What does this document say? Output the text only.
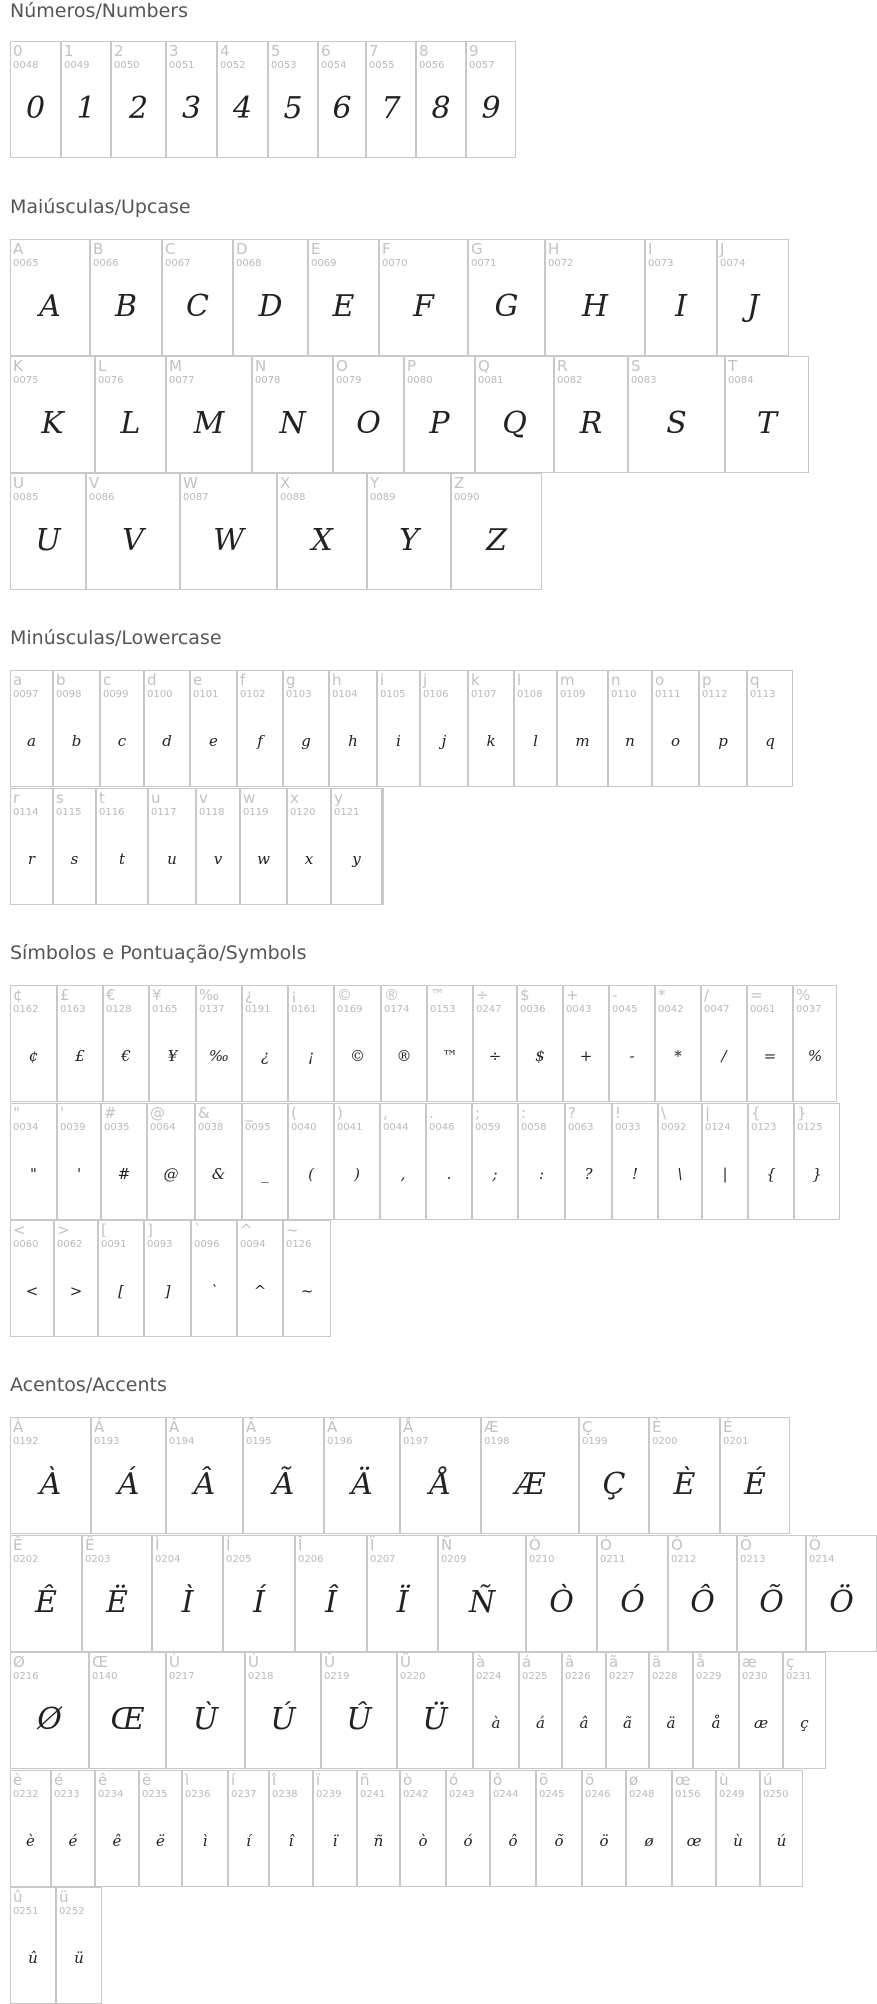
Números/Numbers
0
0048
0
1
0049
1
2
0050
2
3
0051
3
4
0052
4
5
0053
5
6
0054
6
7
0055
7
8
0056
8
9
0057
9
Maiúsculas/Upcase
A
0065
A
B
0066
B
C
0067
C
D
0068
D
E
0069
E
F
0070
F
G
0071
G
H
0072
H
I
0073
I
J
0074
J
K
0075
K
L
0076
L
M
0077
M
N
0078
N
O
0079
O
P
0080
P
Q
0081
Q
R
0082
R
S
0083
S
T
0084
T
U
0085
U
V
0086
V
W
0087
W
X
0088
X
Y
0089
Y
Z
0090
Z
Minúsculas/Lowercase
a
0097
a
b
0098
b
c
0099
c
d
0100
d
e
0101
e
f
0102
f
g
0103
g
h
0104
h
i
0105
i
j
0106
j
k
0107
k
l
0108
l
m
0109
m
n
0110
n
o
0111
o
p
0112
p
q
0113
q
r
0114
r
s
0115
s
t
0116
t
u
0117
u
v
0118
v
w
0119
w
x
0120
x
y
0121
y
Símbolos e Pontuação/Symbols
¢
0162
¢
£
0163
£
€
0128
€
¥
0165
¥
‰
0137
‰
¿
0191
¿
¡
0161
¡
©
0169
©
®
0174
®
™
0153
™
÷
0247
÷
$
0036
$
+
0043
+
-
0045
-
*
0042
*
/
0047
/
=
0061
=
%
0037
%
"
0034
"
'
0039
'
#
0035
#
@
0064
@
&
0038
&
_
0095
_
(
0040
(
)
0041
)
,
0044
,
.
0046
.
;
0059
;
:
0058
:
?
0063
?
!
0033
!
\
0092
\
|
0124
|
{
0123
{
}
0125
}
<
0060
<
>
0062
>
[
0091
[
]
0093
]
`
0096
`
^
0094
^
~
0126
~
Acentos/Accents
À
0192
À
Á
0193
Á
Â
0194
Â
Ã
0195
Ã
Ä
0196
Ä
Å
0197
Å
Æ
0198
Æ
Ç
0199
Ç
È
0200
È
É
0201
É
Ê
0202
Ê
Ë
0203
Ë
Ì
0204
Ì
Í
0205
Í
Î
0206
Î
Ï
0207
Ï
Ñ
0209
Ñ
Ò
0210
Ò
Ó
0211
Ó
Ô
0212
Ô
Õ
0213
Õ
Ö
0214
Ö
Ø
0216
Ø
Œ
0140
Œ
Ù
0217
Ù
Ú
0218
Ú
Û
0219
Û
Ü
0220
Ü
à
0224
à
á
0225
á
â
0226
â
ã
0227
ã
ä
0228
ä
å
0229
å
æ
0230
æ
ç
0231
ç
è
0232
è
é
0233
é
ê
0234
ê
ë
0235
ë
ì
0236
ì
í
0237
í
î
0238
î
ï
0239
ï
ñ
0241
ñ
ò
0242
ò
ó
0243
ó
ô
0244
ô
õ
0245
õ
ö
0246
ö
ø
0248
ø
œ
0156
œ
ù
0249
ù
ú
0250
ú
û
0251
û
ü
0252
ü
